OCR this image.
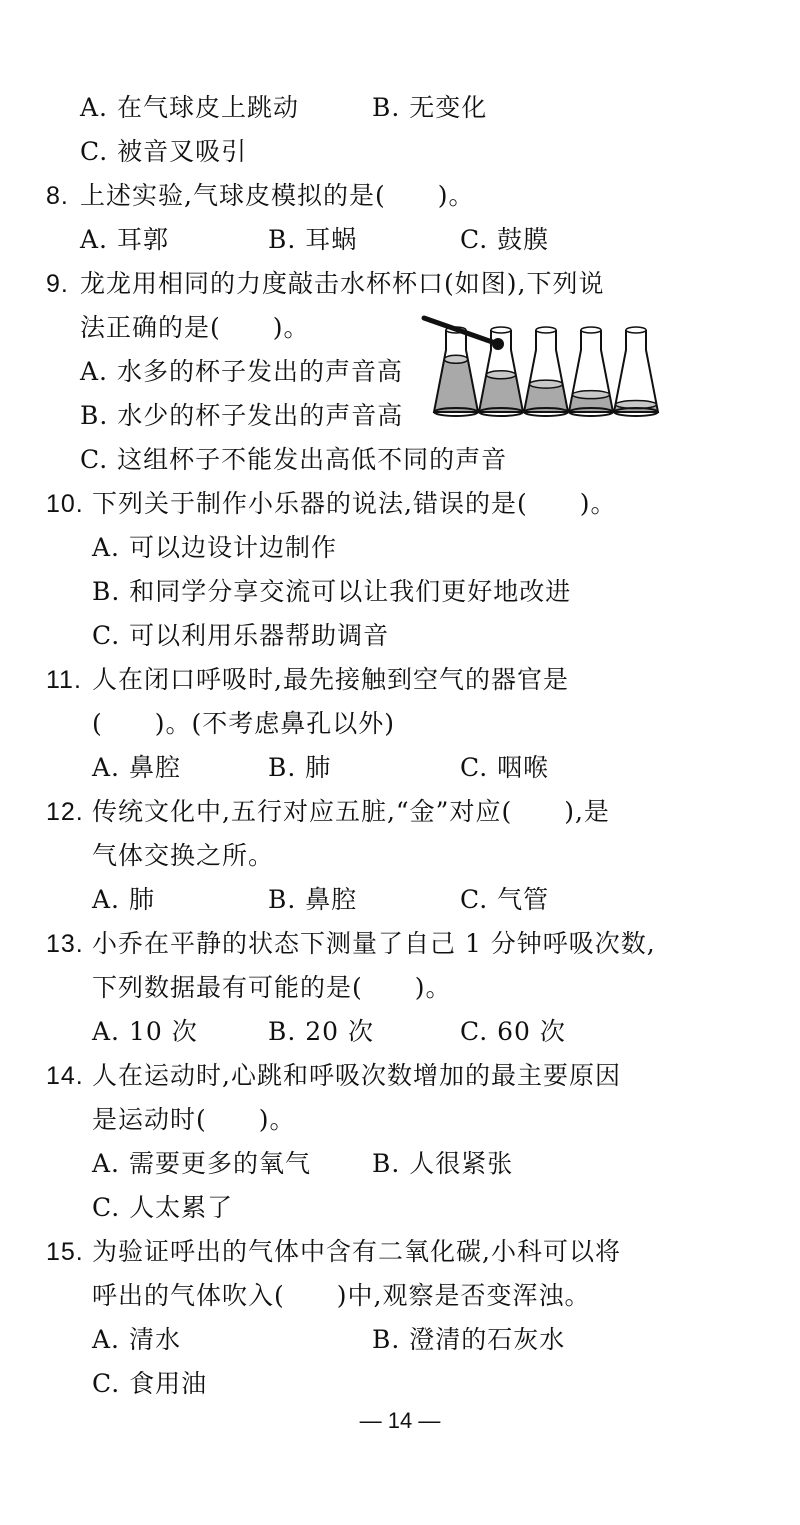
A. 在气球皮上跳动	B. 无变化
C. 被音叉吸引
8. 上述实验,气球皮模拟的是(　　)。
A. 耳郭	B. 耳蜗	C. 鼓膜
9. 龙龙用相同的力度敲击水杯杯口(如图),下列说
法正确的是(　　)。
A. 水多的杯子发出的声音高
B. 水少的杯子发出的声音高
C. 这组杯子不能发出高低不同的声音
10. 下列关于制作小乐器的说法,错误的是(　　)。
A. 可以边设计边制作
B. 和同学分享交流可以让我们更好地改进
C. 可以利用乐器帮助调音
11. 人在闭口呼吸时,最先接触到空气的器官是
(　　)。(不考虑鼻孔以外)
A. 鼻腔	B. 肺	C. 咽喉
12. 传统文化中,五行对应五脏,“金”对应(　　),是
气体交换之所。
A. 肺	B. 鼻腔	C. 气管
13. 小乔在平静的状态下测量了自己 1 分钟呼吸次数,
下列数据最有可能的是(　　)。
A. 10 次	B. 20 次	C. 60 次
14. 人在运动时,心跳和呼吸次数增加的最主要原因
是运动时(　　)。
A. 需要更多的氧气 B. 人很紧张
C. 人太累了
15. 为验证呼出的气体中含有二氧化碳,小科可以将
呼出的气体吹入(　　)中,观察是否变浑浊。
A. 清水	B. 澄清的石灰水
C. 食用油
— 14 —
